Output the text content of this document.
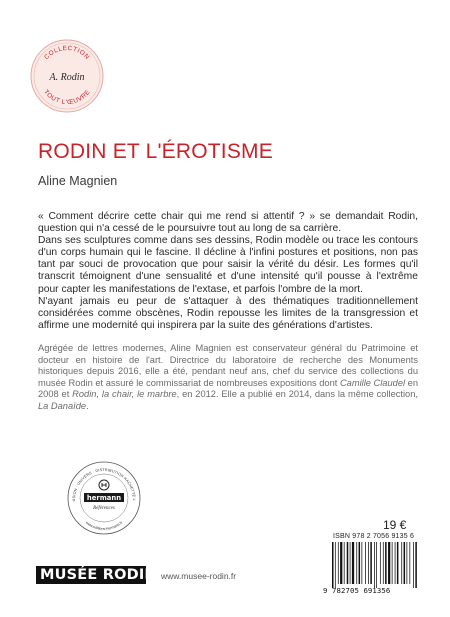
COLLECTION
TOUT L'ŒUVRE
A. Rodin
RODIN ET L'ÉROTISME
Aline Magnien

« Comment décrire cette chair qui me rend si attentif ? » se demandait Rodin, question qui n'a cessé de le poursuivre tout au long de sa carrière.

Dans ses sculptures comme dans ses dessins, Rodin modèle ou trace les contours d'un corps humain qui le fascine. Il décline à l'infini postures et positions, non pas tant par souci de provocation que pour saisir la vérité du désir. Les formes qu'il transcrit témoignent d'une sensualité et d'une intensité qu'il pousse à l'extrême pour capter les manifestations de l'extase, et parfois l'ombre de la mort.

N'ayant jamais eu peur de s'attaquer à des thématiques traditionnellement considérées comme obscènes, Rodin repousse les limites de la transgression et affirme une modernité qui inspirera par la suite des générations d'artistes.

Agrégée de lettres modernes, Aline Magnien est conservateur général du Patrimoine et docteur en histoire de l'art. Directrice du laboratoire de recherche des Monuments historiques depuis 2016, elle a été, pendant neuf ans, chef du service des collections du musée Rodin et assuré le commissariat de nombreuses expositions dont Camille Claudel en 2008 et Rodin, la chair, le marbre, en 2012. Elle a publié en 2014, dans la même collection, La Danaïde.

USION · UNIVERS · DISTRIBUTION HACHETTE L
www.editions-hermann.fr
hermann
Références
19 €
ISBN 978 2 7056 9135 6
9 782705 691356
MUSÉE RODIN www.musee-rodin.fr
